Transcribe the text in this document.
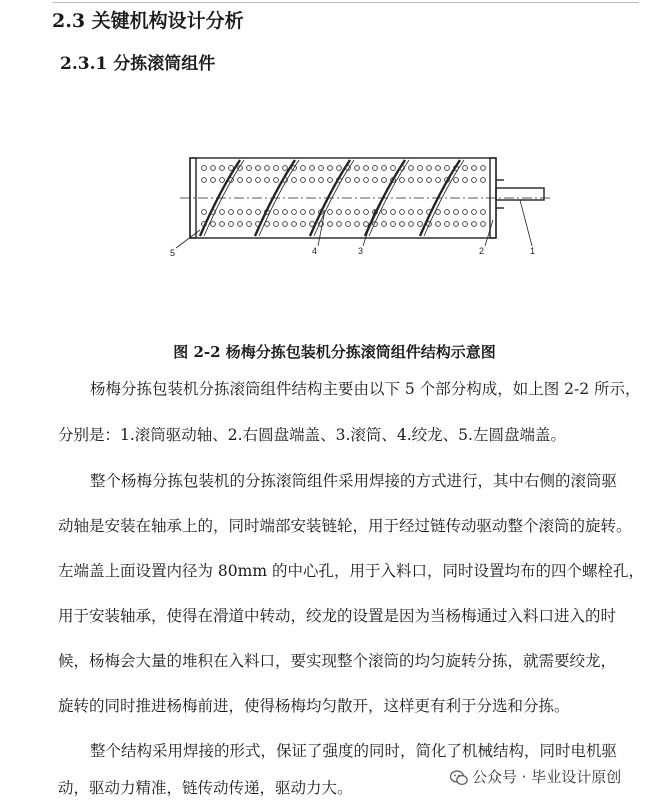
2.3 关键机构设计分析
2.3.1 分拣滚筒组件
5	4	3	2	1
图 2-2 杨梅分拣包装机分拣滚筒组件结构示意图
杨梅分拣包装机分拣滚筒组件结构主要由以下 5 个部分构成，如上图 2-2 所示，
分别是：1.滚筒驱动轴、2.右圆盘端盖、3.滚筒、4.绞龙、5.左圆盘端盖。
整个杨梅分拣包装机的分拣滚筒组件采用焊接的方式进行，其中右侧的滚筒驱
动轴是安装在轴承上的，同时端部安装链轮，用于经过链传动驱动整个滚筒的旋转。
左端盖上面设置内径为 80mm 的中心孔，用于入料口，同时设置均布的四个螺栓孔，
用于安装轴承，使得在滑道中转动，绞龙的设置是因为当杨梅通过入料口进入的时
候，杨梅会大量的堆积在入料口，要实现整个滚筒的均匀旋转分拣，就需要绞龙，
旋转的同时推进杨梅前进，使得杨梅均匀散开，这样更有利于分选和分拣。
整个结构采用焊接的形式，保证了强度的同时，简化了机械结构，同时电机驱
动，驱动力精准，链传动传递，驱动力大。
公众号 · 毕业设计原创
